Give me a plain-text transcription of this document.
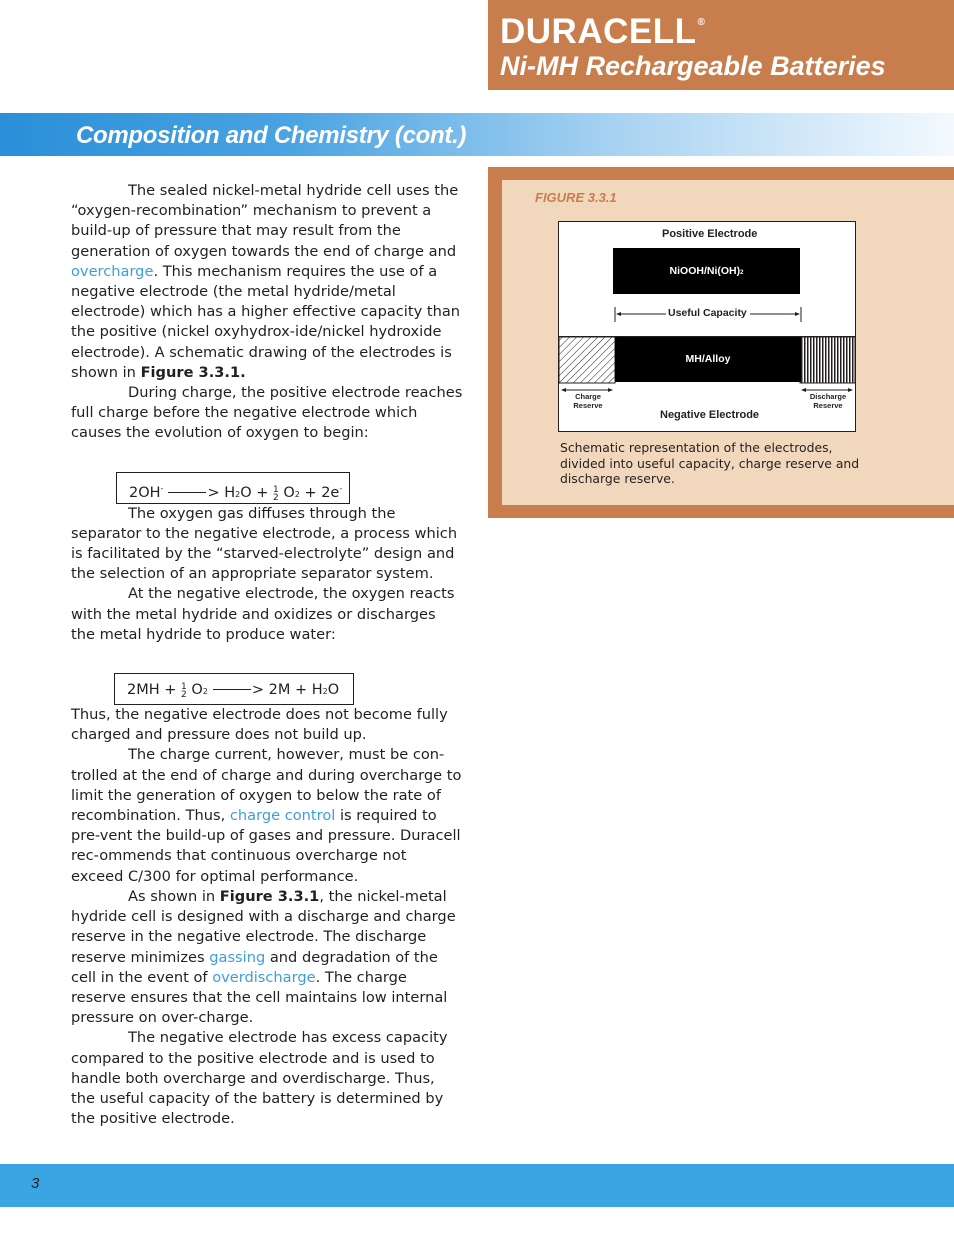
DURACELL®
Ni-MH Rechargeable Batteries
Composition and Chemistry (cont.)

The sealed nickel-metal hydride cell uses the “oxygen-recombination” mechanism to prevent a build-up of pressure that may result from the generation of oxygen towards the end of charge and overcharge. This mechanism requires the use of a negative electrode (the metal hydride/metal electrode) which has a higher effective capacity than the positive (nickel oxyhydrox-ide/nickel hydroxide electrode). A schematic drawing of the electrodes is shown in Figure 3.3.1.

During charge, the positive electrode reaches full charge before the negative electrode which causes the evolution of oxygen to begin:

2OH-	> H2O + 1
2 O2 + 2e-

The oxygen gas diffuses through the separator to the negative electrode, a process which is facilitated by the “starved-electrolyte” design and the selection of an appropriate separator system.

At the negative electrode, the oxygen reacts with the metal hydride and oxidizes or discharges the metal hydride to produce water:

2MH + 1
2 O2	> 2M + H2O

Thus, the negative electrode does not become fully charged and pressure does not build up.

The charge current, however, must be con-trolled at the end of charge and during overcharge to limit the generation of oxygen to below the rate of recombination. Thus, charge control is required to pre-vent the build-up of gases and pressure. Duracell rec-ommends that continuous overcharge not exceed C/300 for optimal performance.

As shown in Figure 3.3.1, the nickel-metal hydride cell is designed with a discharge and charge reserve in the negative electrode. The discharge reserve minimizes gassing and degradation of the cell in the event of overdischarge. The charge reserve ensures that the cell maintains low internal pressure on over-charge.

The negative electrode has excess capacity compared to the positive electrode and is used to handle both overcharge and overdischarge. Thus, the useful capacity of the battery is determined by the positive electrode.

FIGURE 3.3.1
Positive Electrode
NiOOH/Ni(OH)2
Useful Capacity
MH/Alloy
Charge
Reserve
Discharge
Reserve
Negative Electrode
Schematic representation of the electrodes, divided into useful capacity, charge reserve and discharge reserve.
3
